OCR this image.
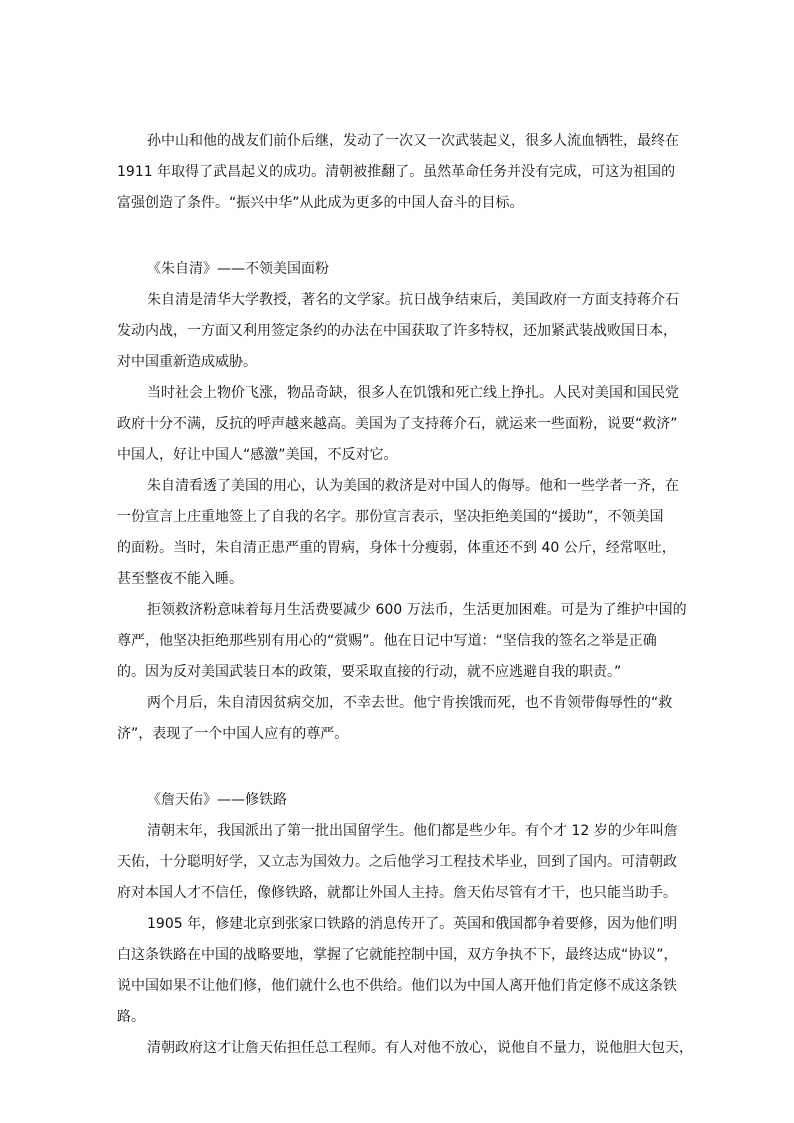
孙中山和他的战友们前仆后继，发动了一次又一次武装起义，很多人流血牺牲，最终在
1911 年取得了武昌起义的成功。清朝被推翻了。虽然革命任务并没有完成，可这为祖国的
富强创造了条件。“振兴中华”从此成为更多的中国人奋斗的目标。
《朱自清》——不领美国面粉
朱自清是清华大学教授，著名的文学家。抗日战争结束后，美国政府一方面支持蒋介石
发动内战，一方面又利用签定条约的办法在中国获取了许多特权，还加紧武装战败国日本，
对中国重新造成威胁。
当时社会上物价飞涨，物品奇缺，很多人在饥饿和死亡线上挣扎。人民对美国和国民党
政府十分不满，反抗的呼声越来越高。美国为了支持蒋介石，就运来一些面粉，说要“救济”
中国人，好让中国人“感激”美国，不反对它。
朱自清看透了美国的用心，认为美国的救济是对中国人的侮辱。他和一些学者一齐，在
一份宣言上庄重地签上了自我的名字。那份宣言表示，坚决拒绝美国的“援助”，不领美国
的面粉。当时，朱自清正患严重的胃病，身体十分瘦弱，体重还不到 40 公斤，经常呕吐，
甚至整夜不能入睡。
拒领救济粉意味着每月生活费要减少 600 万法币，生活更加困难。可是为了维护中国的
尊严，他坚决拒绝那些别有用心的“赏赐”。他在日记中写道：“坚信我的签名之举是正确
的。因为反对美国武装日本的政策，要采取直接的行动，就不应逃避自我的职责。”
两个月后，朱自清因贫病交加，不幸去世。他宁肯挨饿而死，也不肯领带侮辱性的“救
济”，表现了一个中国人应有的尊严。
《詹天佑》——修铁路
清朝末年，我国派出了第一批出国留学生。他们都是些少年。有个才 12 岁的少年叫詹
天佑，十分聪明好学，又立志为国效力。之后他学习工程技术毕业，回到了国内。可清朝政
府对本国人才不信任，像修铁路，就都让外国人主持。詹天佑尽管有才干，也只能当助手。
1905 年，修建北京到张家口铁路的消息传开了。英国和俄国都争着要修，因为他们明
白这条铁路在中国的战略要地，掌握了它就能控制中国，双方争执不下，最终达成“协议”，
说中国如果不让他们修，他们就什么也不供给。他们以为中国人离开他们肯定修不成这条铁
路。
清朝政府这才让詹天佑担任总工程师。有人对他不放心，说他自不量力，说他胆大包天，
